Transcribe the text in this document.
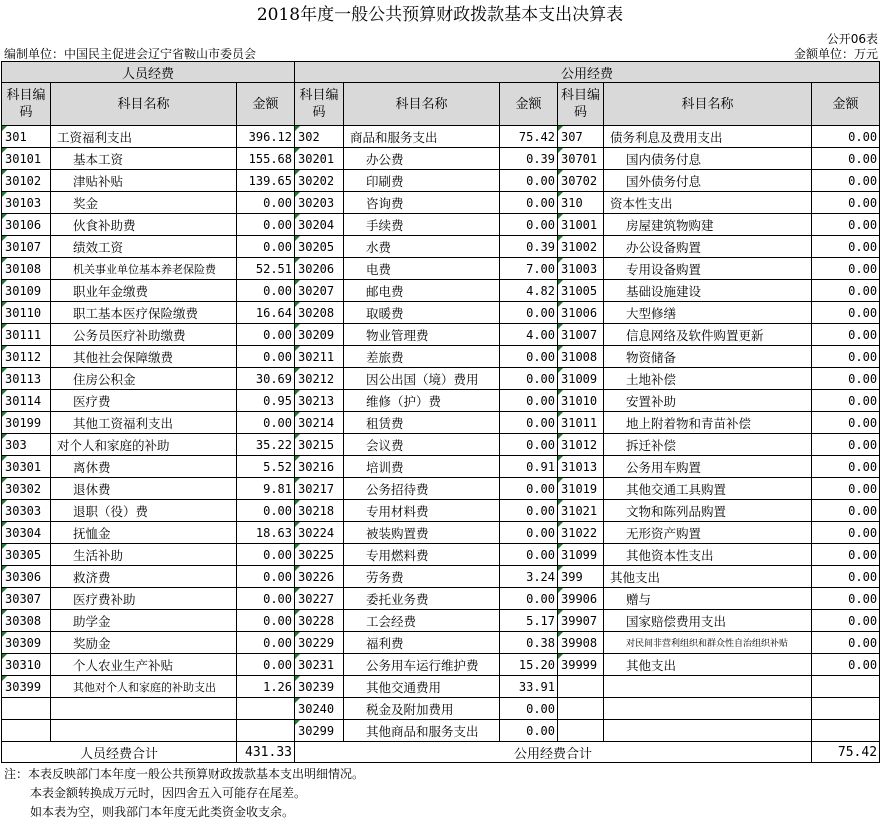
2018年度一般公共预算财政拨款基本支出决算表
公开06表
编制单位：中国民主促进会辽宁省鞍山市委员会	金额单位：万元
人员经费			公用经费					
科目编码	科目名称	金额	科目编码	科目名称	金额	科目编码	科目名称	金额
301	工资福利支出	396.12	302	商品和服务支出	75.42	307	债务利息及费用支出	0.00
30101	基本工资	155.68	30201	办公费	0.39	30701	国内债务付息	0.00
30102	津贴补贴	139.65	30202	印刷费	0.00	30702	国外债务付息	0.00
30103	奖金	0.00	30203	咨询费	0.00	310	资本性支出	0.00
30106	伙食补助费	0.00	30204	手续费	0.00	31001	房屋建筑物购建	0.00
30107	绩效工资	0.00	30205	水费	0.39	31002	办公设备购置	0.00
30108	机关事业单位基本养老保险费	52.51	30206	电费	7.00	31003	专用设备购置	0.00
30109	职业年金缴费	0.00	30207	邮电费	4.82	31005	基础设施建设	0.00
30110	职工基本医疗保险缴费	16.64	30208	取暖费	0.00	31006	大型修缮	0.00
30111	公务员医疗补助缴费	0.00	30209	物业管理费	4.00	31007	信息网络及软件购置更新	0.00
30112	其他社会保障缴费	0.00	30211	差旅费	0.00	31008	物资储备	0.00
30113	住房公积金	30.69	30212	因公出国（境）费用	0.00	31009	土地补偿	0.00
30114	医疗费	0.95	30213	维修（护）费	0.00	31010	安置补助	0.00
30199	其他工资福利支出	0.00	30214	租赁费	0.00	31011	地上附着物和青苗补偿	0.00
303	对个人和家庭的补助	35.22	30215	会议费	0.00	31012	拆迁补偿	0.00
30301	离休费	5.52	30216	培训费	0.91	31013	公务用车购置	0.00
30302	退休费	9.81	30217	公务招待费	0.00	31019	其他交通工具购置	0.00
30303	退职（役）费	0.00	30218	专用材料费	0.00	31021	文物和陈列品购置	0.00
30304	抚恤金	18.63	30224	被装购置费	0.00	31022	无形资产购置	0.00
30305	生活补助	0.00	30225	专用燃料费	0.00	31099	其他资本性支出	0.00
30306	救济费	0.00	30226	劳务费	3.24	399	其他支出	0.00
30307	医疗费补助	0.00	30227	委托业务费	0.00	39906	赠与	0.00
30308	助学金	0.00	30228	工会经费	5.17	39907	国家赔偿费用支出	0.00
30309	奖励金	0.00	30229	福利费	0.38	39908	对民间非营利组织和群众性自治组织补贴	0.00
30310	个人农业生产补贴	0.00	30231	公务用车运行维护费	15.20	39999	其他支出	0.00
30399	其他对个人和家庭的补助支出	1.26	30239	其他交通费用	33.91			
			30240	税金及附加费用	0.00			
			30299	其他商品和服务支出	0.00			
人员经费合计		431.33	公用经费合计					75.42
注：本表反映部门本年度一般公共预算财政拨款基本支出明细情况。
本表金额转换成万元时，因四舍五入可能存在尾差。
如本表为空，则我部门本年度无此类资金收支余。
